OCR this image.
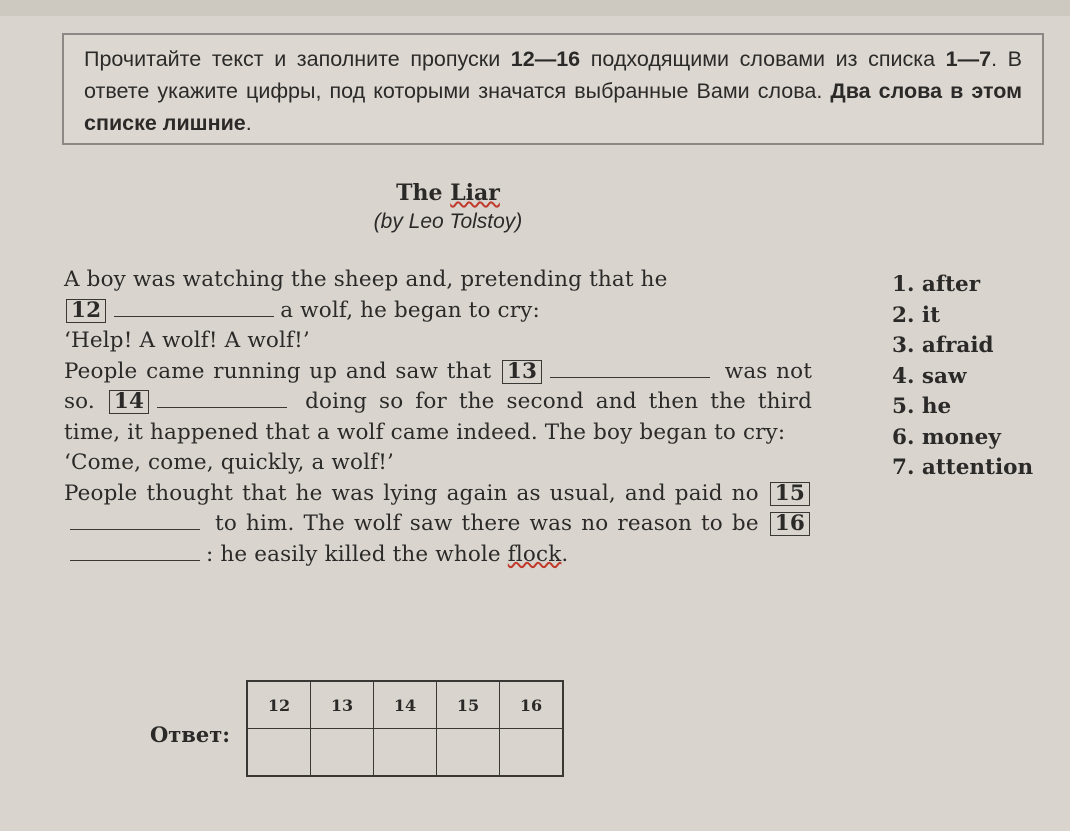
Прочитайте текст и заполните пропуски 12—16 подходящими словами из списка 1—7. В ответе укажите цифры, под которыми значатся выбранные Вами слова. Два слова в этом списке лишние.
The Liar
(by Leo Tolstoy)
A boy was watching the sheep and, pretending that he
12	a wolf, he began to cry:
‘Help! A wolf! A wolf!’
People came running up and saw that 13	was not so. 14	doing so for the second and then the third time, it happened that a wolf came indeed. The boy began to cry:
‘Come, come, quickly, a wolf!’
People thought that he was lying again as usual, and paid no 15 to him. The wolf saw there was no reason to be 16: he easily killed the whole flock.
1. after
2. it
3. afraid
4. saw
5. he
6. money
7. attention
Ответ:
12	13	14	15	16
